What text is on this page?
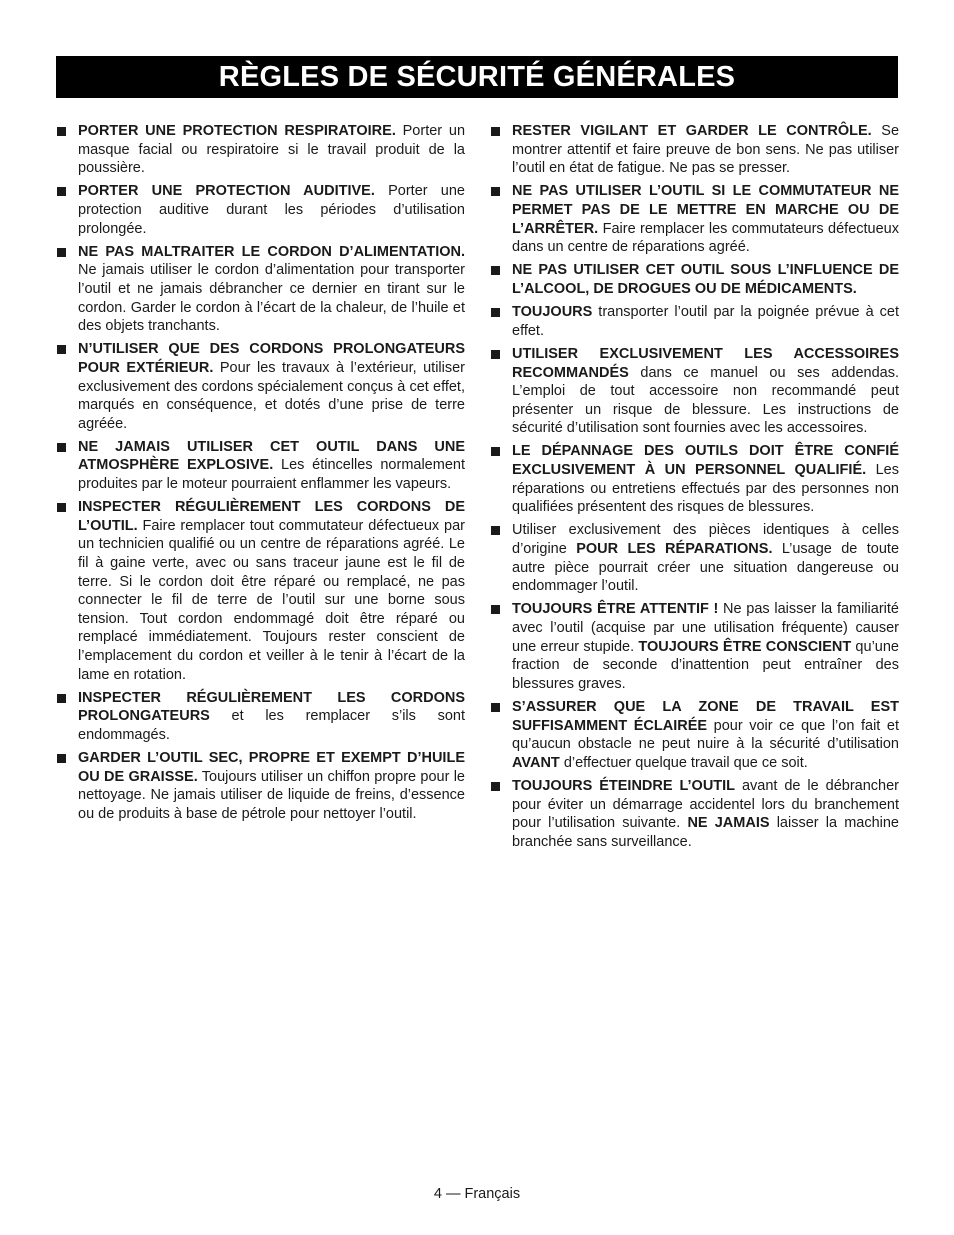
RÈGLES DE SÉCURITÉ GÉNÉRALES
PORTER UNE PROTECTION RESPIRATOIRE. Porter un masque facial ou respiratoire si le travail produit de la poussière.
PORTER UNE PROTECTION AUDITIVE. Porter une protection auditive durant les périodes d’utilisation prolongée.
NE PAS MALTRAITER LE CORDON D’ALIMENTATION. Ne jamais utiliser le cordon d’alimentation pour transporter l’outil et ne jamais débrancher ce dernier en tirant sur le cordon. Garder le cordon à l’écart de la chaleur, de l’huile et des objets tranchants.
N’UTILISER QUE DES CORDONS PROLONGATEURS POUR EXTÉRIEUR. Pour les travaux à l’extérieur, utiliser exclusivement des cordons spécialement conçus à cet effet, marqués en conséquence, et dotés d’une prise de terre agréée.
NE JAMAIS UTILISER CET OUTIL DANS UNE ATMOSPHÈRE EXPLOSIVE. Les étincelles normalement produites par le moteur pourraient enflammer les vapeurs.
INSPECTER RÉGULIÈREMENT LES CORDONS DE L’OUTIL. Faire remplacer tout commutateur défectueux par un technicien qualifié ou un centre de réparations agréé. Le fil à gaine verte, avec ou sans traceur jaune est le fil de terre. Si le cordon doit être réparé ou remplacé, ne pas connecter le fil de terre de l’outil sur une borne sous tension. Tout cordon endommagé doit être réparé ou remplacé immédiatement. Toujours rester conscient de l’emplacement du cordon et veiller à le tenir à l’écart de la lame en rotation.
INSPECTER RÉGULIÈREMENT LES CORDONS PROLONGATEURS et les remplacer s’ils sont endommagés.
GARDER L’OUTIL SEC, PROPRE ET EXEMPT D’HUILE OU DE GRAISSE. Toujours utiliser un chiffon propre pour le nettoyage. Ne jamais utiliser de liquide de freins, d’essence ou de produits à base de pétrole pour nettoyer l’outil.
RESTER VIGILANT ET GARDER LE CONTRÔLE. Se montrer attentif et faire preuve de bon sens. Ne pas utiliser l’outil en état de fatigue. Ne pas se presser.
NE PAS UTILISER L’OUTIL SI LE COMMUTATEUR NE PERMET PAS DE LE METTRE EN MARCHE OU DE L’ARRÊTER. Faire remplacer les commutateurs défectueux dans un centre de réparations agréé.
NE PAS UTILISER CET OUTIL SOUS L’INFLUENCE DE L’ALCOOL, DE DROGUES OU DE MÉDICAMENTS.
TOUJOURS transporter l’outil par la poignée prévue à cet effet.
UTILISER EXCLUSIVEMENT LES ACCESSOIRES RECOMMANDÉS dans ce manuel ou ses addendas. L’emploi de tout accessoire non recommandé peut présenter un risque de blessure. Les instructions de sécurité d’utilisation sont fournies avec les accessoires.
LE DÉPANNAGE DES OUTILS DOIT ÊTRE CONFIÉ EXCLUSIVEMENT À UN PERSONNEL QUALIFIÉ. Les réparations ou entretiens effectués par des personnes non qualifiées présentent des risques de blessures.
Utiliser exclusivement des pièces identiques à celles d’origine POUR LES RÉPARATIONS. L’usage de toute autre pièce pourrait créer une situation dangereuse ou endommager l’outil.
TOUJOURS ÊTRE ATTENTIF ! Ne pas laisser la familiarité avec l’outil (acquise par une utilisation fréquente) causer une erreur stupide. TOUJOURS ÊTRE CONSCIENT qu’une fraction de seconde d’inattention peut entraîner des blessures graves.
S’ASSURER QUE LA ZONE DE TRAVAIL EST SUFFISAMMENT ÉCLAIRÉE pour voir ce que l’on fait et qu’aucun obstacle ne peut nuire à la sécurité d’utilisation AVANT d’effectuer quelque travail que ce soit.
TOUJOURS ÉTEINDRE L’OUTIL avant de le débrancher pour éviter un démarrage accidentel lors du branchement pour l’utilisation suivante. NE JAMAIS laisser la machine branchée sans surveillance.
4 — Français
